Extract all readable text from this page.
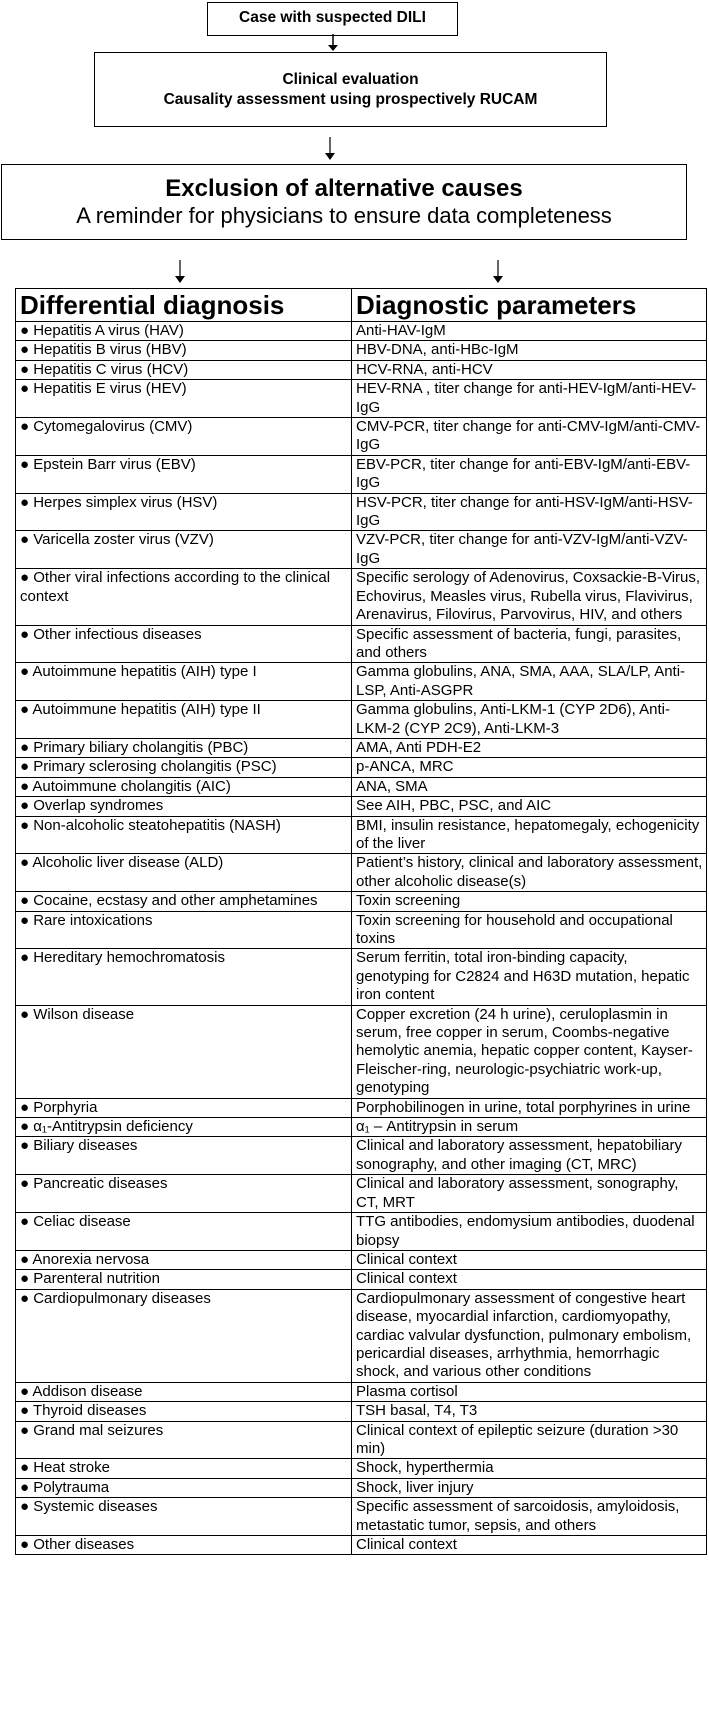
Case with suspected DILI
Clinical evaluation
Causality assessment using prospectively RUCAM
Exclusion of alternative causes
A reminder for physicians to ensure data completeness
Differential diagnosis	Diagnostic parameters
● Hepatitis A virus (HAV)	Anti-HAV-IgM
● Hepatitis B virus (HBV)	HBV-DNA, anti-HBc-IgM
● Hepatitis C virus (HCV)	HCV-RNA, anti-HCV
● Hepatitis E virus (HEV)	HEV-RNA , titer change for anti-HEV-IgM/anti-HEV-IgG
● Cytomegalovirus (CMV)	CMV-PCR, titer change for anti-CMV-IgM/anti-CMV-IgG
● Epstein Barr virus (EBV)	EBV-PCR, titer change for anti-EBV-IgM/anti-EBV-IgG
● Herpes simplex virus (HSV)	HSV-PCR, titer change for anti-HSV-IgM/anti-HSV- IgG
● Varicella zoster virus (VZV)	VZV-PCR, titer change for anti-VZV-IgM/anti-VZV- IgG
● Other viral infections according to the clinical context	Specific serology of Adenovirus, Coxsackie-B-Virus, Echovirus, Measles virus, Rubella virus, Flavivirus, Arenavirus, Filovirus, Parvovirus, HIV, and others
● Other infectious diseases	Specific assessment of bacteria, fungi, parasites, and others
● Autoimmune hepatitis (AIH) type I	Gamma globulins, ANA, SMA, AAA, SLA/LP, Anti-LSP, Anti-ASGPR
● Autoimmune hepatitis (AIH) type II	Gamma globulins, Anti-LKM-1 (CYP 2D6), Anti-LKM-2 (CYP 2C9), Anti-LKM-3
● Primary biliary cholangitis (PBC)	AMA, Anti PDH-E2
● Primary sclerosing cholangitis (PSC)	p-ANCA, MRC
● Autoimmune cholangitis (AIC)	ANA, SMA
● Overlap syndromes	See AIH, PBC, PSC, and AIC
● Non-alcoholic steatohepatitis (NASH)	BMI, insulin resistance, hepatomegaly, echogenicity of the liver
● Alcoholic liver disease (ALD)	Patient’s history, clinical and laboratory assessment, other alcoholic disease(s)
● Cocaine, ecstasy and other amphetamines	Toxin screening
● Rare intoxications	Toxin screening for household and occupational toxins
● Hereditary hemochromatosis	Serum ferritin, total iron-binding capacity, genotyping for C2824 and H63D mutation, hepatic iron content
● Wilson disease	Copper excretion (24 h urine), ceruloplasmin in serum, free copper in serum, Coombs-negative hemolytic anemia, hepatic copper content, Kayser-Fleischer-ring, neurologic-psychiatric work-up, genotyping
● Porphyria	Porphobilinogen in urine, total porphyrines in urine
● α₁-Antitrypsin deficiency	α₁ – Antitrypsin in serum
● Biliary diseases	Clinical and laboratory assessment, hepatobiliary sonography, and other imaging (CT, MRC)
● Pancreatic diseases	Clinical and laboratory assessment, sonography, CT, MRT
● Celiac disease	TTG antibodies, endomysium antibodies, duodenal biopsy
● Anorexia nervosa	Clinical context
● Parenteral nutrition	Clinical context
● Cardiopulmonary diseases	Cardiopulmonary assessment of congestive heart disease, myocardial infarction, cardiomyopathy, cardiac valvular dysfunction, pulmonary embolism, pericardial diseases, arrhythmia, hemorrhagic shock, and various other conditions
● Addison disease	Plasma cortisol
● Thyroid diseases	TSH basal, T4, T3
● Grand mal seizures	Clinical context of epileptic seizure (duration >30 min)
● Heat stroke	Shock, hyperthermia
● Polytrauma	Shock, liver injury
● Systemic diseases	Specific assessment of sarcoidosis, amyloidosis, metastatic tumor, sepsis, and others
● Other diseases	Clinical context
